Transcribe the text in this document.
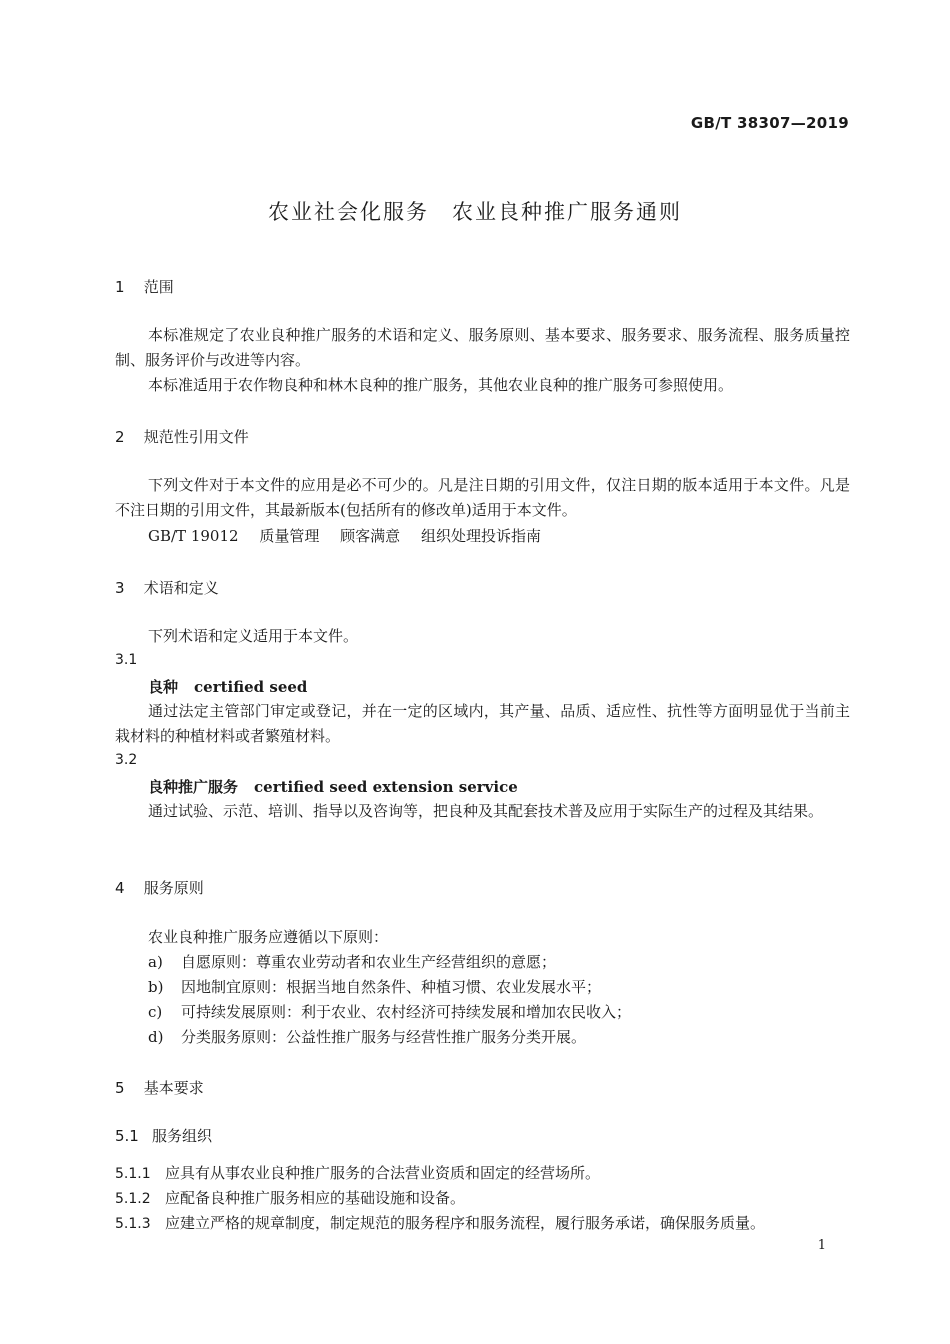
GB/T 38307—2019
农业社会化服务　农业良种推广服务通则
1 范围

本标准规定了农业良种推广服务的术语和定义、服务原则、基本要求、服务要求、服务流程、服务质量控制、服务评价与改进等内容。

本标准适用于农作物良种和林木良种的推广服务，其他农业良种的推广服务可参照使用。

2 规范性引用文件

下列文件对于本文件的应用是必不可少的。凡是注日期的引用文件，仅注日期的版本适用于本文件。凡是不注日期的引用文件，其最新版本(包括所有的修改单)适用于本文件。

GB/T 19012 质量管理 顾客满意 组织处理投诉指南
3 术语和定义
下列术语和定义适用于本文件。
3.1
良种 certified seed

通过法定主管部门审定或登记，并在一定的区域内，其产量、品质、适应性、抗性等方面明显优于当前主栽材料的种植材料或者繁殖材料。

3.2
良种推广服务 certified seed extension service

通过试验、示范、培训、指导以及咨询等，把良种及其配套技术普及应用于实际生产的过程及其结果。

4 服务原则
农业良种推广服务应遵循以下原则：
a) 自愿原则：尊重农业劳动者和农业生产经营组织的意愿；
b) 因地制宜原则：根据当地自然条件、种植习惯、农业发展水平；
c) 可持续发展原则：利于农业、农村经济可持续发展和增加农民收入；
d) 分类服务原则：公益性推广服务与经营性推广服务分类开展。
5 基本要求
5.1 服务组织
5.1.1 应具有从事农业良种推广服务的合法营业资质和固定的经营场所。
5.1.2 应配备良种推广服务相应的基础设施和设备。
5.1.3 应建立严格的规章制度，制定规范的服务程序和服务流程，履行服务承诺，确保服务质量。
1
